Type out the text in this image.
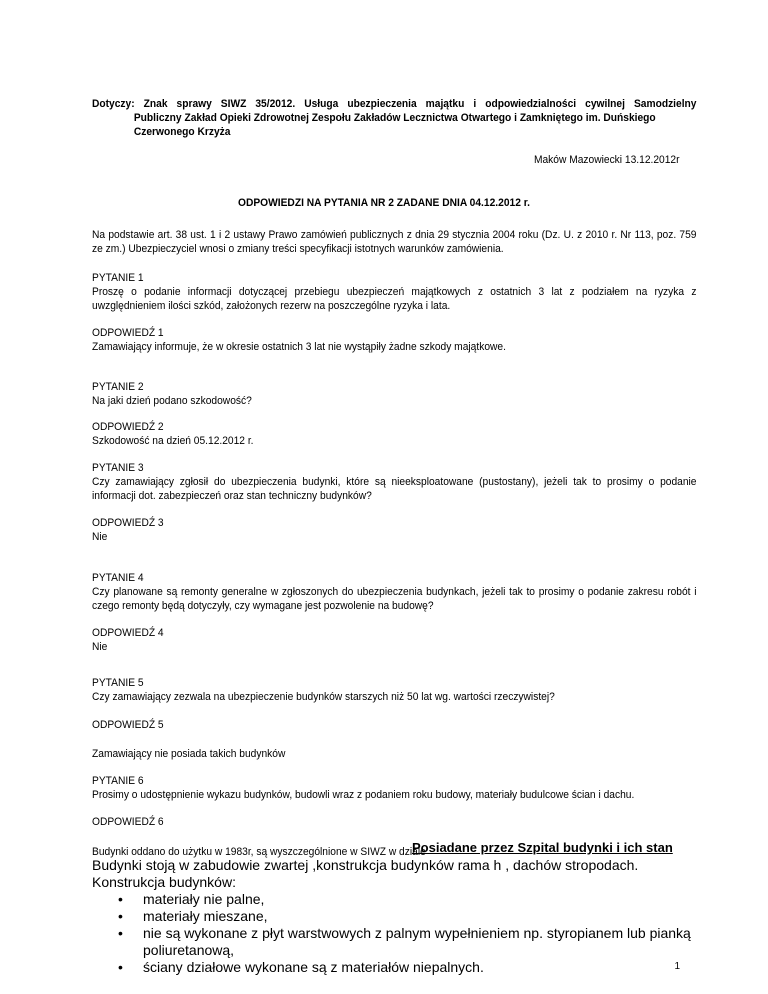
Dotyczy: Znak sprawy SIWZ 35/2012. Usługa ubezpieczenia majątku i odpowiedzialności cywilnej Samodzielny
Publiczny Zakład Opieki Zdrowotnej Zespołu Zakładów Lecznictwa Otwartego i Zamkniętego im. Duńskiego
Czerwonego Krzyża
Maków Mazowiecki 13.12.2012r
ODPOWIEDZI NA PYTANIA NR 2 ZADANE DNIA 04.12.2012 r.
Na podstawie art. 38 ust. 1 i 2 ustawy Prawo zamówień publicznych z dnia 29 stycznia 2004 roku (Dz. U. z 2010 r. Nr 113, poz. 759 ze zm.) Ubezpieczyciel wnosi o zmiany treści specyfikacji istotnych warunków zamówienia.
PYTANIE 1
Proszę o podanie informacji dotyczącej przebiegu ubezpieczeń majątkowych z ostatnich 3 lat z podziałem na ryzyka z uwzględnieniem ilości szkód, założonych rezerw na poszczególne ryzyka i lata.
ODPOWIEDŹ 1
Zamawiający informuje, że w okresie ostatnich 3 lat nie wystąpiły żadne szkody majątkowe.
PYTANIE 2
Na jaki dzień podano szkodowość?
ODPOWIEDŹ 2
Szkodowość na dzień 05.12.2012 r.
PYTANIE 3
Czy zamawiający zgłosił do ubezpieczenia budynki, które są nieeksploatowane (pustostany), jeżeli tak to prosimy o podanie informacji dot. zabezpieczeń oraz stan techniczny budynków?
ODPOWIEDŹ 3
Nie
PYTANIE 4
Czy planowane są remonty generalne w zgłoszonych do ubezpieczenia budynkach, jeżeli tak to prosimy o podanie zakresu robót i czego remonty będą dotyczyły, czy wymagane jest pozwolenie na budowę?
ODPOWIEDŹ 4
Nie
PYTANIE 5
Czy zamawiający zezwala na ubezpieczenie budynków starszych niż 50 lat wg. wartości rzeczywistej?
ODPOWIEDŹ 5
Zamawiający nie posiada takich budynków
PYTANIE 6
Prosimy o udostępnienie wykazu budynków, budowli wraz z podaniem roku budowy, materiały budulcowe ścian i dachu.
ODPOWIEDŹ 6
Budynki oddano do użytku w 1983r, są wyszczególnione w SIWZ w dziale
Posiadane przez Szpital budynki i ich stan
Budynki stoją w zabudowie zwartej ,konstrukcja budynków rama h , dachów stropodach.
Konstrukcja budynków:
• materiały nie palne,
• materiały mieszane,
• nie są wykonane z płyt warstwowych z palnym wypełnieniem np. styropianem lub pianką poliuretanową,
• ściany działowe wykonane są z materiałów niepalnych.	1
